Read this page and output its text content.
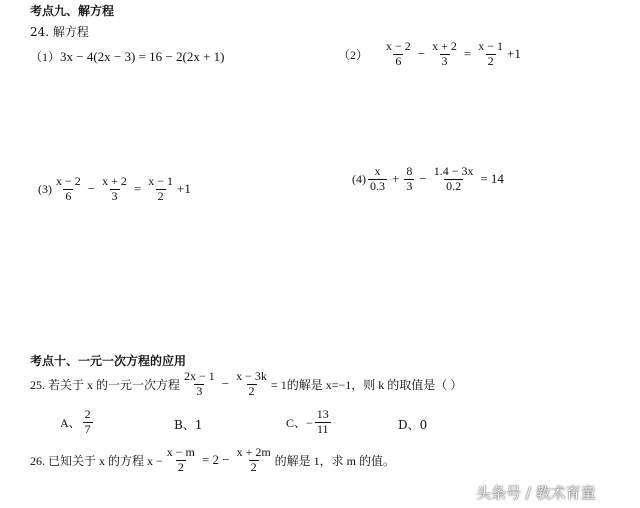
考点九、解方程
24. 解方程
（1） 3x − 4(2x − 3) = 16 − 2(2x + 1)	$(2) \frac{x - 2}{6} - \frac{x + 2}{3} = \frac{x - 1}{2} +1$
$(3) \frac{x - 2}{6} - \frac{x + 2}{3} = \frac{x - 1}{2} +1$
$(4) \frac{x}{0.3} + \frac{8}{3} - \frac{1.4 - 3x}{0.2} = 14$
考点十、一元一次方程的应用
25. 若关于 x 的一元一次方程 $\frac{2x - 1}{3} - \frac{x - 3k}{2} = 1$的解是 x=−1，则 k 的取值是（ ）
A、 $\frac{2}{7}$	B、1	C、− $\frac{13}{11}$	D、0
26. 已知关于 x 的方程 $x - \frac{x - m}{2} = 2 - \frac{x + 2m}{2}$ 的解是 1，求 m 的值。
头条号 / 教术育童
